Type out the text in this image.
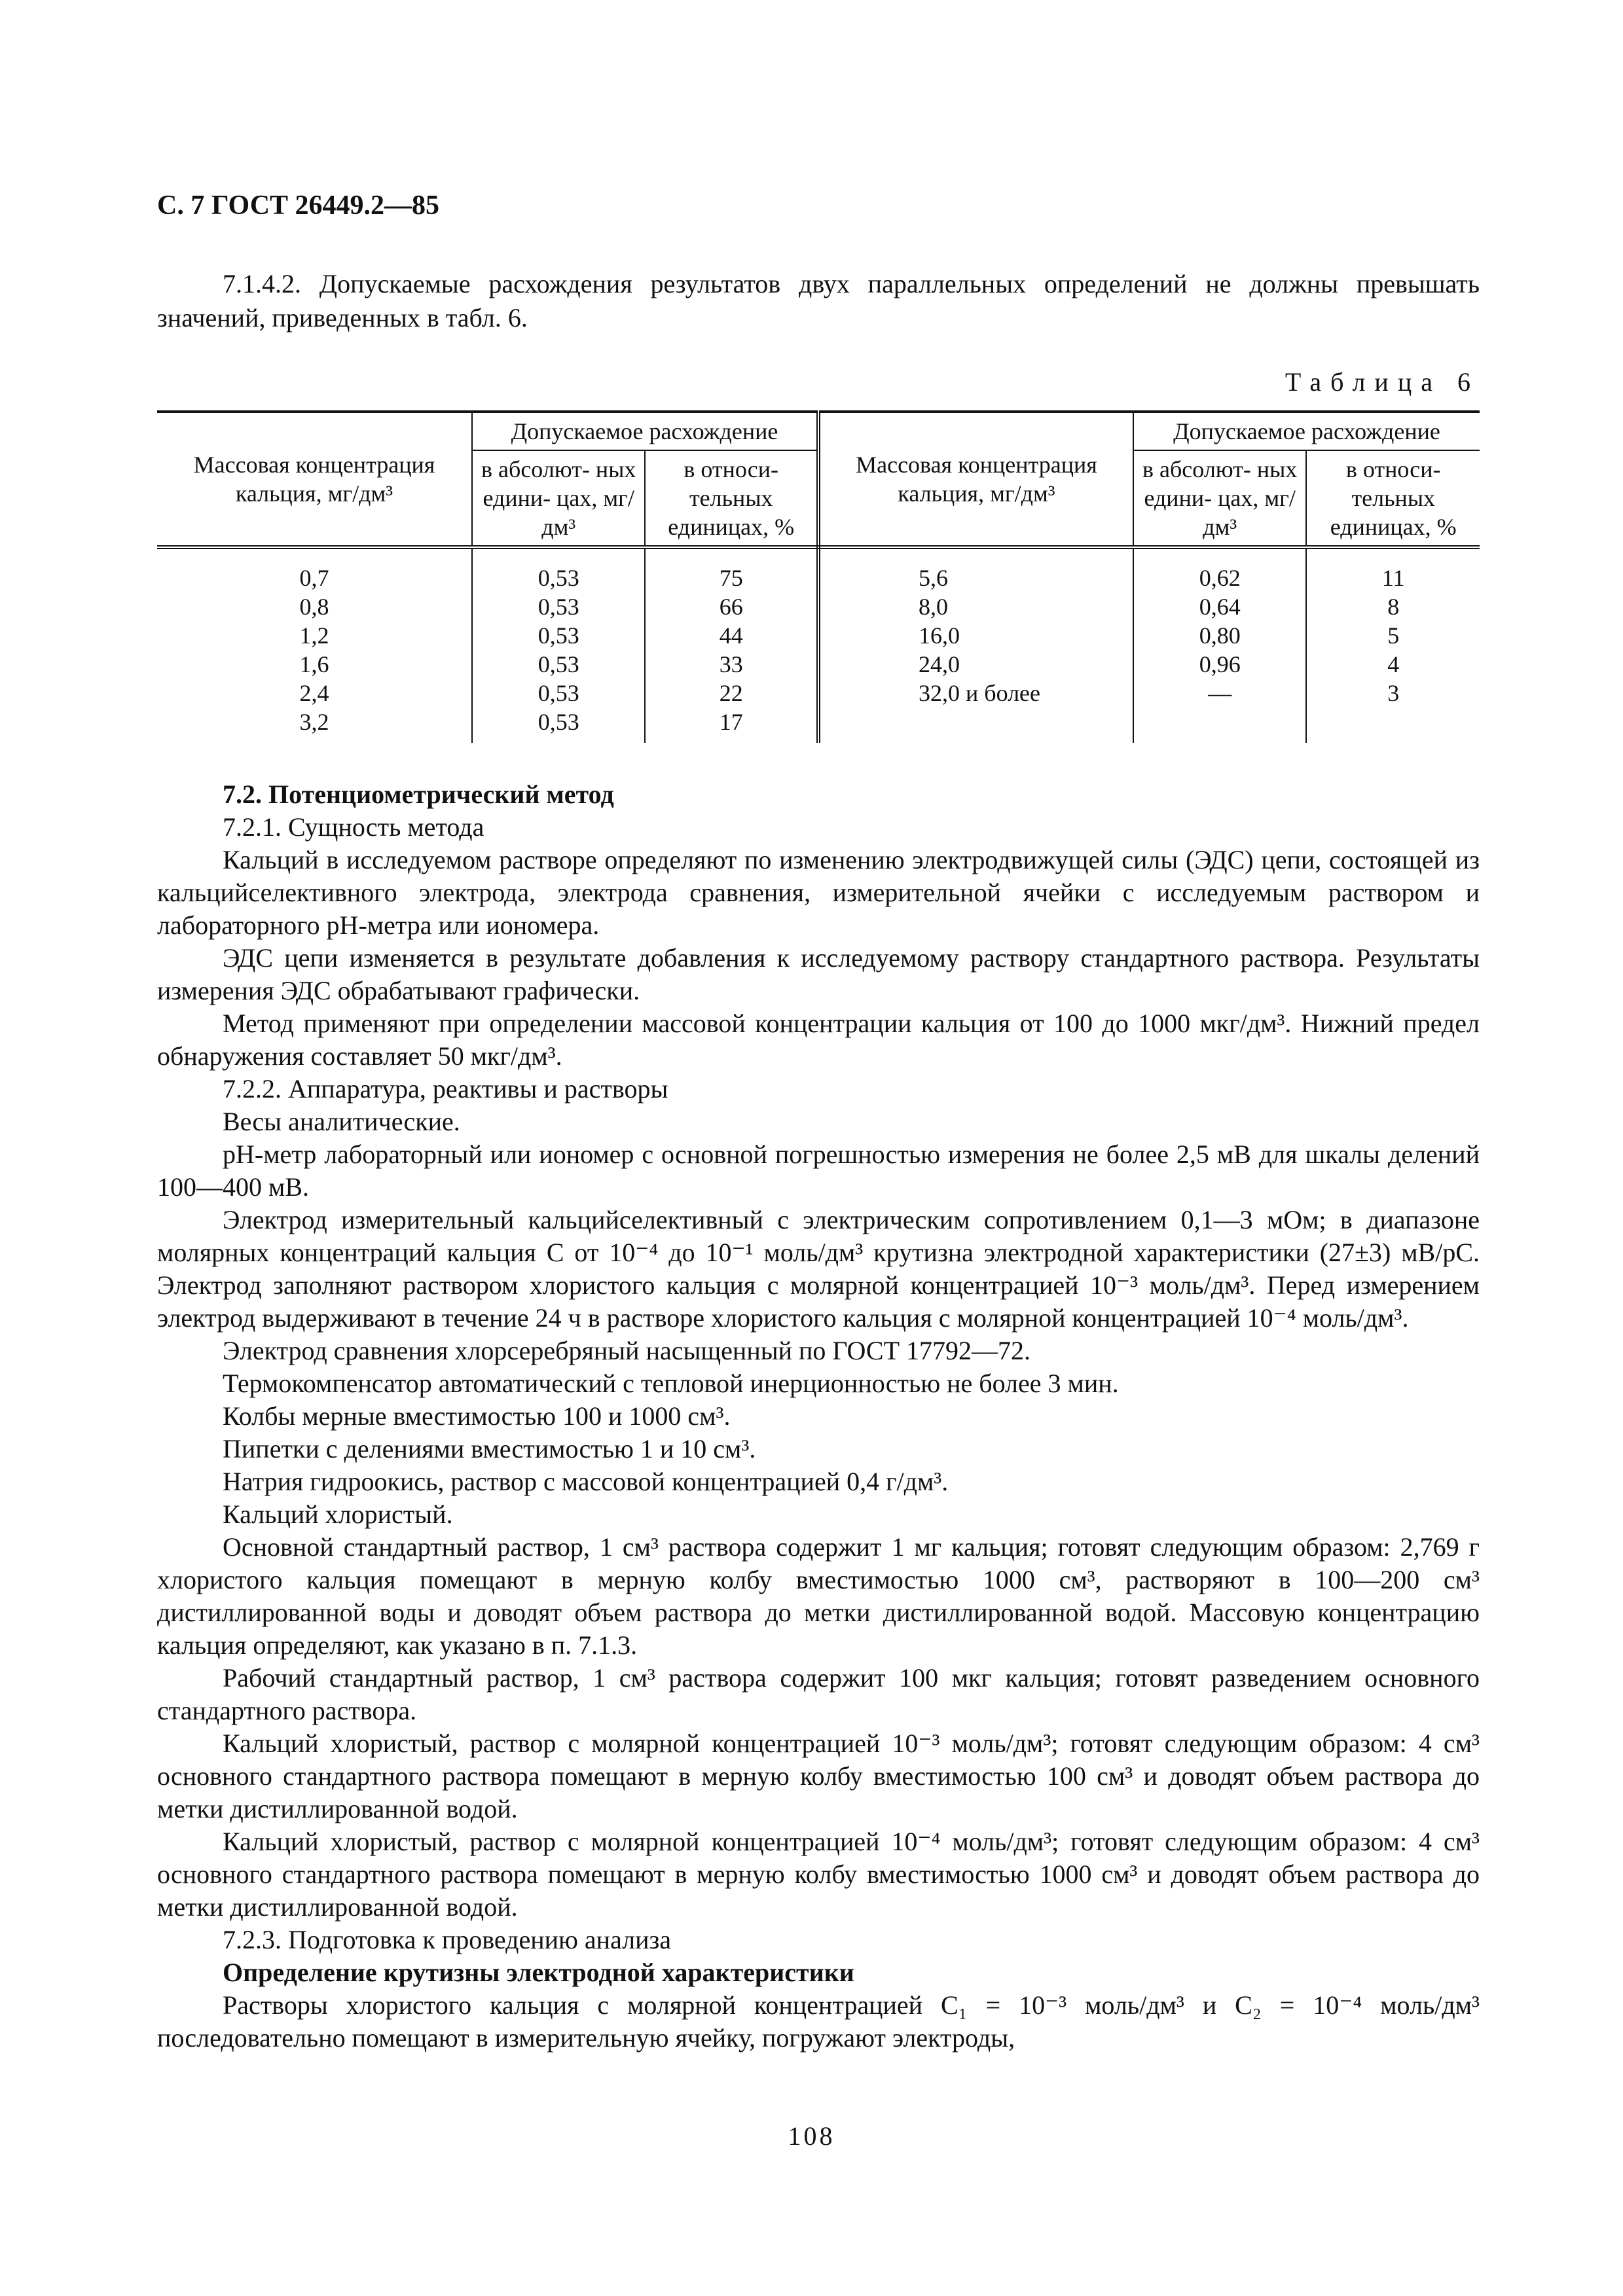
С. 7 ГОСТ 26449.2—85

7.1.4.2. Допускаемые расхождения результатов двух параллельных определений не должны превышать значений, приведенных в табл. 6.

Таблица 6
Массовая концентрация кальция, мг/дм³	Допускаемое расхождение		Массовая концентрация кальция, мг/дм³	Допускаемое расхождение	
	в абсолют- ных едини- цах, мг/дм³	в относи- тельных единицах, %		в абсолют- ных едини- цах, мг/дм³	в относи- тельных единицах, %
0,7	0,53	75	5,6	0,62	11
0,8	0,53	66	8,0	0,64	8
1,2	0,53	44	16,0	0,80	5
1,6	0,53	33	24,0	0,96	4
2,4	0,53	22	32,0 и более	—	3
3,2	0,53	17			

7.2. Потенциометрический метод

7.2.1. Сущность метода

Кальций в исследуемом растворе определяют по изменению электродвижущей силы (ЭДС) цепи, состоящей из кальцийселективного электрода, электрода сравнения, измерительной ячейки с исследуемым раствором и лабораторного рН-метра или иономера.

ЭДС цепи изменяется в результате добавления к исследуемому раствору стандартного раствора. Результаты измерения ЭДС обрабатывают графически.

Метод применяют при определении массовой концентрации кальция от 100 до 1000 мкг/дм³. Нижний предел обнаружения составляет 50 мкг/дм³.

7.2.2. Аппаратура, реактивы и растворы

Весы аналитические.

рН-метр лабораторный или иономер с основной погрешностью измерения не более 2,5 мВ для шкалы делений 100—400 мВ.

Электрод измерительный кальцийселективный с электрическим сопротивлением 0,1—3 мОм; в диапазоне молярных концентраций кальция C от 10⁻⁴ до 10⁻¹ моль/дм³ крутизна электродной характеристики (27±3) мВ/рС. Электрод заполняют раствором хлористого кальция с молярной концентрацией 10⁻³ моль/дм³. Перед измерением электрод выдерживают в течение 24 ч в растворе хлористого кальция с молярной концентрацией 10⁻⁴ моль/дм³.

Электрод сравнения хлорсеребряный насыщенный по ГОСТ 17792—72.

Термокомпенсатор автоматический с тепловой инерционностью не более 3 мин.

Колбы мерные вместимостью 100 и 1000 см³.

Пипетки с делениями вместимостью 1 и 10 см³.

Натрия гидроокись, раствор с массовой концентрацией 0,4 г/дм³.

Кальций хлористый.

Основной стандартный раствор, 1 см³ раствора содержит 1 мг кальция; готовят следующим образом: 2,769 г хлористого кальция помещают в мерную колбу вместимостью 1000 см³, растворяют в 100—200 см³ дистиллированной воды и доводят объем раствора до метки дистиллированной водой. Массовую концентрацию кальция определяют, как указано в п. 7.1.3.

Рабочий стандартный раствор, 1 см³ раствора содержит 100 мкг кальция; готовят разведением основного стандартного раствора.

Кальций хлористый, раствор с молярной концентрацией 10⁻³ моль/дм³; готовят следующим образом: 4 см³ основного стандартного раствора помещают в мерную колбу вместимостью 100 см³ и доводят объем раствора до метки дистиллированной водой.

Кальций хлористый, раствор с молярной концентрацией 10⁻⁴ моль/дм³; готовят следующим образом: 4 см³ основного стандартного раствора помещают в мерную колбу вместимостью 1000 см³ и доводят объем раствора до метки дистиллированной водой.

7.2.3. Подготовка к проведению анализа

Определение крутизны электродной характеристики

Растворы хлористого кальция с молярной концентрацией C₁ = 10⁻³ моль/дм³ и C₂ = 10⁻⁴ моль/дм³ последовательно помещают в измерительную ячейку, погружают электроды,

108
